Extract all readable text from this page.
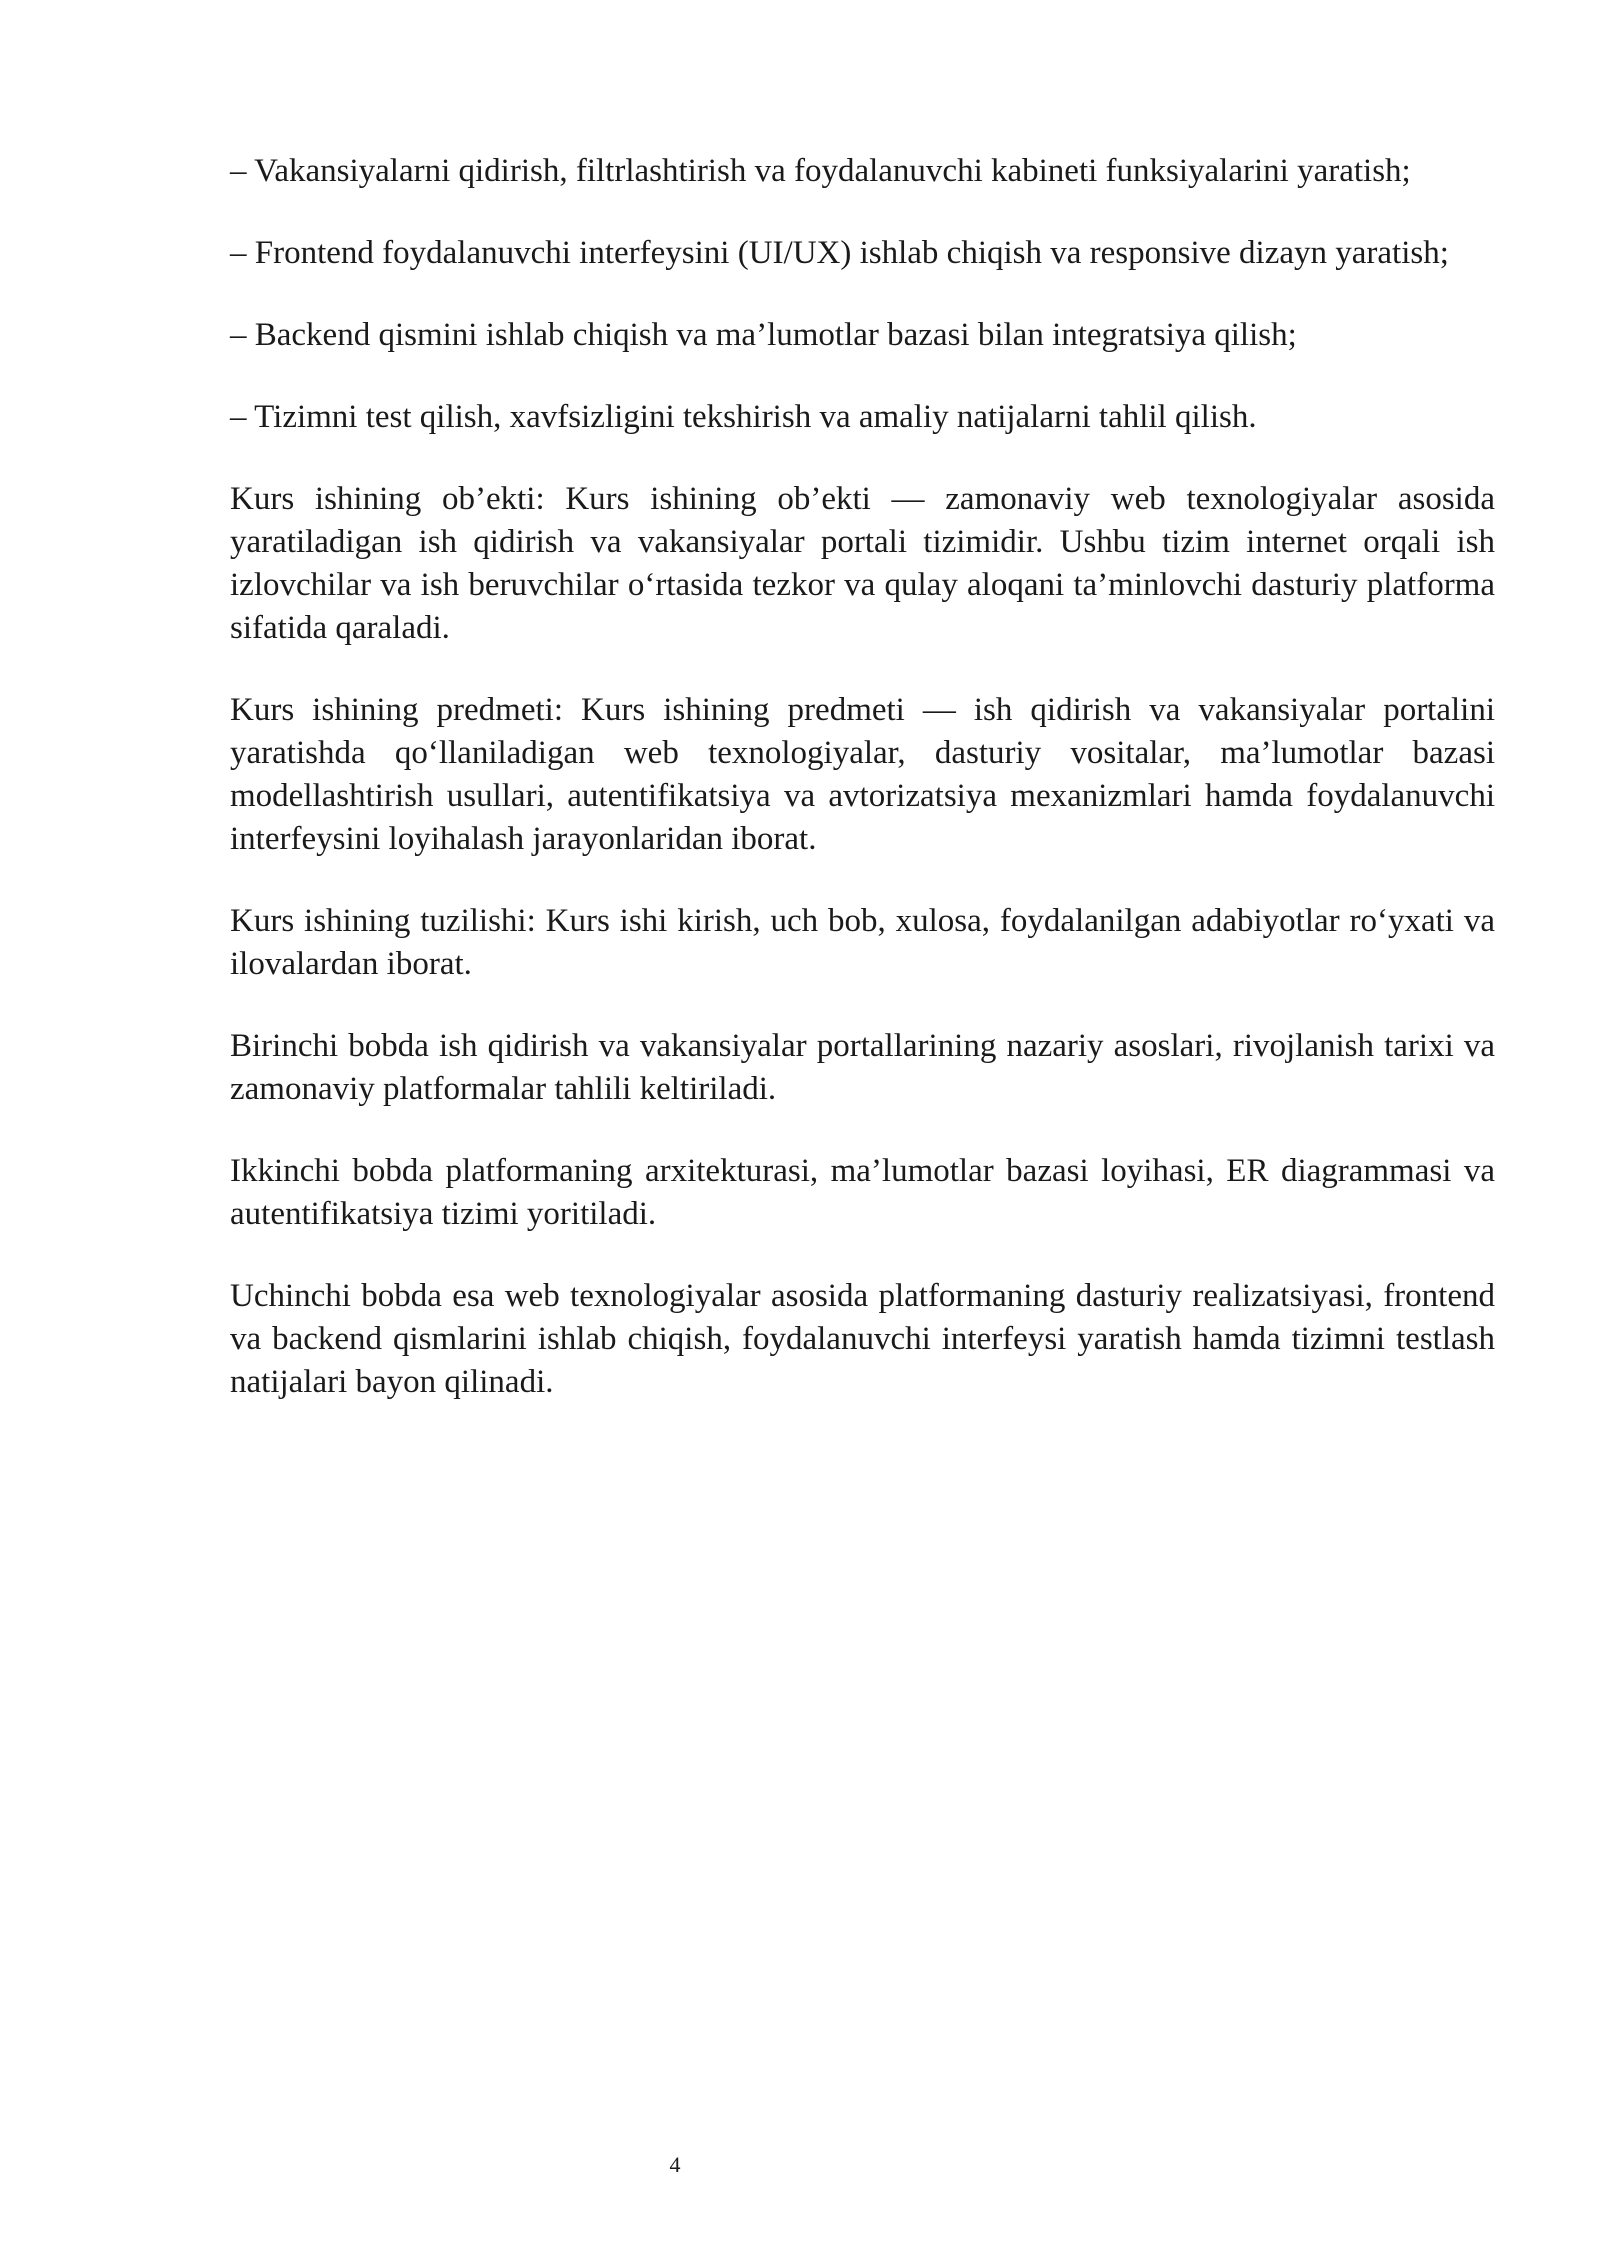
– Vakansiyalarni qidirish, filtrlashtirish va foydalanuvchi kabineti funksiyalarini yaratish;

– Frontend foydalanuvchi interfeysini (UI/UX) ishlab chiqish va responsive dizayn yaratish;

– Backend qismini ishlab chiqish va ma’lumotlar bazasi bilan integratsiya qilish;

– Tizimni test qilish, xavfsizligini tekshirish va amaliy natijalarni tahlil qilish.

Kurs ishining ob’ekti: Kurs ishining ob’ekti — zamonaviy web texnologiyalar asosida yaratiladigan ish qidirish va vakansiyalar portali tizimidir. Ushbu tizim internet orqali ish izlovchilar va ish beruvchilar o‘rtasida tezkor va qulay aloqani ta’minlovchi dasturiy platforma sifatida qaraladi.

Kurs ishining predmeti: Kurs ishining predmeti — ish qidirish va vakansiyalar portalini yaratishda qo‘llaniladigan web texnologiyalar, dasturiy vositalar, ma’lumotlar bazasi modellashtirish usullari, autentifikatsiya va avtorizatsiya mexanizmlari hamda foydalanuvchi interfeysini loyihalash jarayonlaridan iborat.

Kurs ishining tuzilishi: Kurs ishi kirish, uch bob, xulosa, foydalanilgan adabiyotlar ro‘yxati va ilovalardan iborat.

Birinchi bobda ish qidirish va vakansiyalar portallarining nazariy asoslari, rivojlanish tarixi va zamonaviy platformalar tahlili keltiriladi.

Ikkinchi bobda platformaning arxitekturasi, ma’lumotlar bazasi loyihasi, ER diagrammasi va autentifikatsiya tizimi yoritiladi.

Uchinchi bobda esa web texnologiyalar asosida platformaning dasturiy realizatsiyasi, frontend va backend qismlarini ishlab chiqish, foydalanuvchi interfeysi yaratish hamda tizimni testlash natijalari bayon qilinadi.

4
